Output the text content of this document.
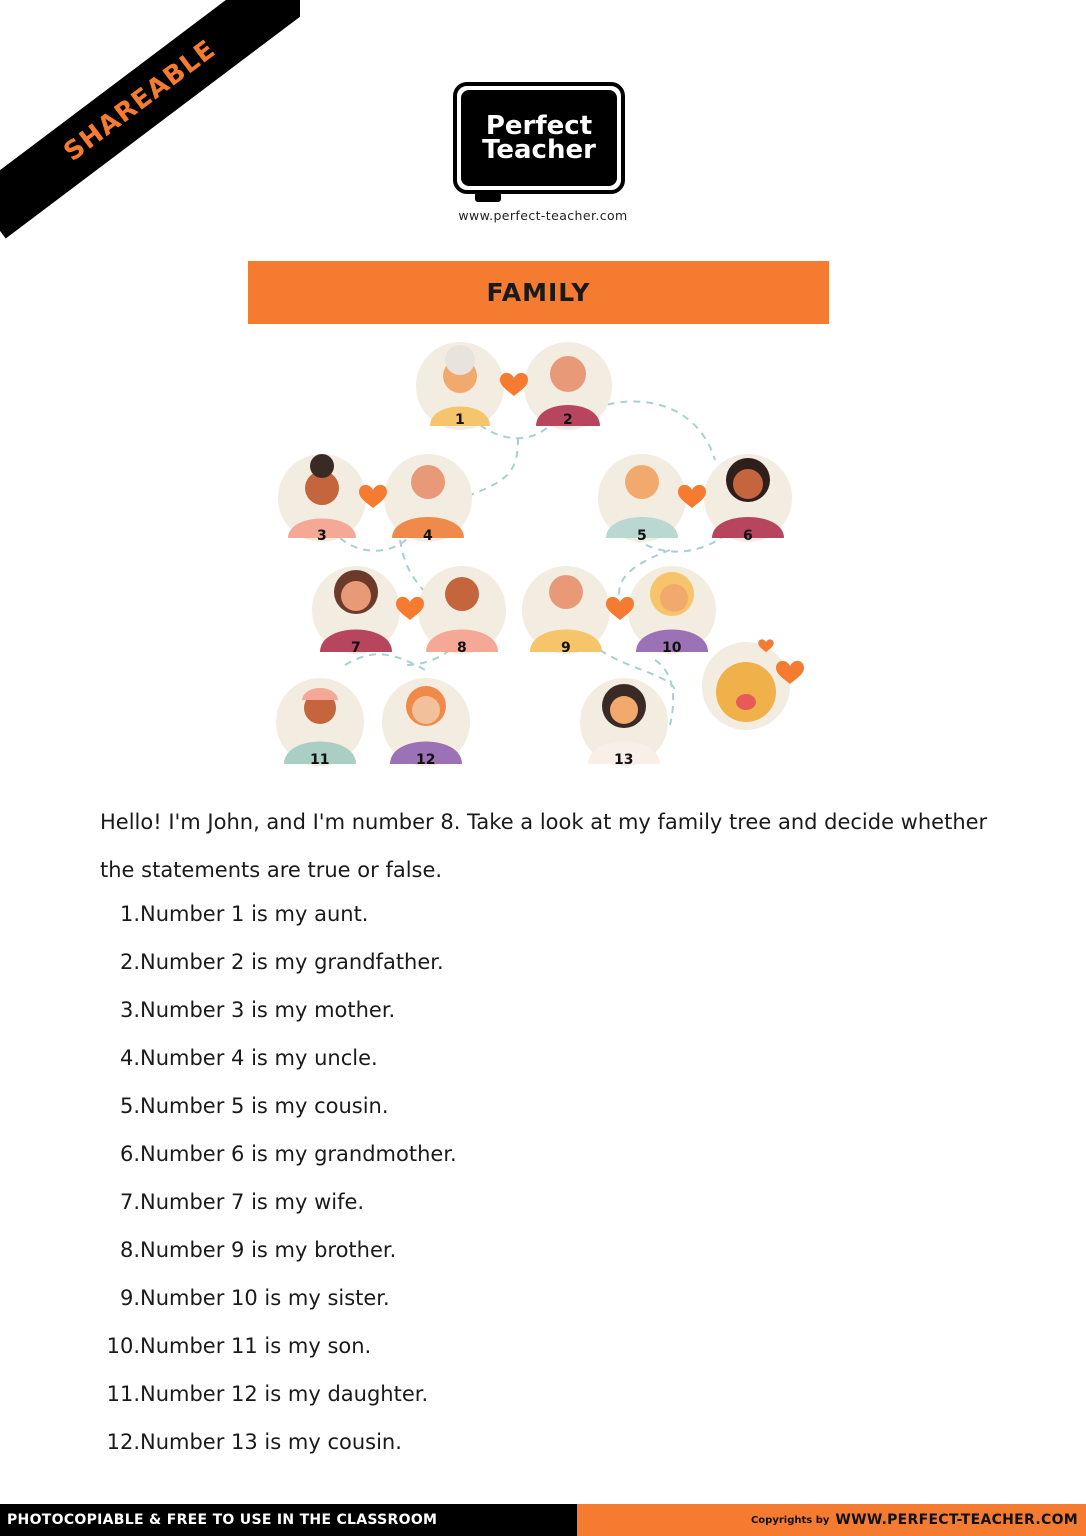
SHAREABLE	Perfect
Teacher
www.perfect-teacher.com
FAMILY
1	2
3	4	5	6
7	8	9	10
11	12	13
Hello! I'm John, and I'm number 8. Take a look at my family tree and decide whether the statements are true or false.
1. Number 1 is my aunt.
2. Number 2 is my grandfather.
3. Number 3 is my mother.
4. Number 4 is my uncle.
5. Number 5 is my cousin.
6. Number 6 is my grandmother.
7. Number 7 is my wife.
8. Number 9 is my brother.
9. Number 10 is my sister.
10. Number 11 is my son.
11. Number 12 is my daughter.
12. Number 13 is my cousin.
PHOTOCOPIABLE & FREE TO USE IN THE CLASSROOM	Copyrights by WWW.PERFECT-TEACHER.COM
